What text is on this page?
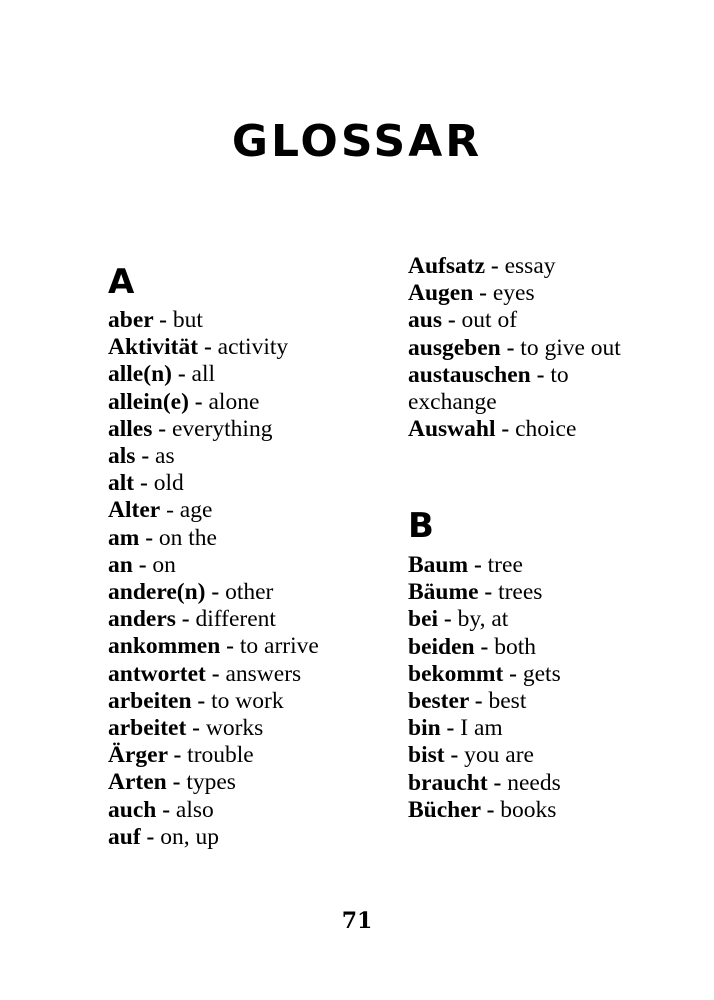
GLOSSAR
A
aber - but
Aktivität - activity
alle(n) - all
allein(e) - alone
alles - everything
als - as
alt - old
Alter - age
am - on the
an - on
andere(n) - other
anders - different
ankommen - to arrive
antwortet - answers
arbeiten - to work
arbeitet - works
Ärger - trouble
Arten - types
auch - also
auf - on, up
Aufsatz - essay
Augen - eyes
aus - out of
ausgeben - to give out
austauschen - to exchange
Auswahl - choice
B
Baum - tree
Bäume - trees
bei - by, at
beiden - both
bekommt - gets
bester - best
bin - I am
bist - you are
braucht - needs
Bücher - books
71
